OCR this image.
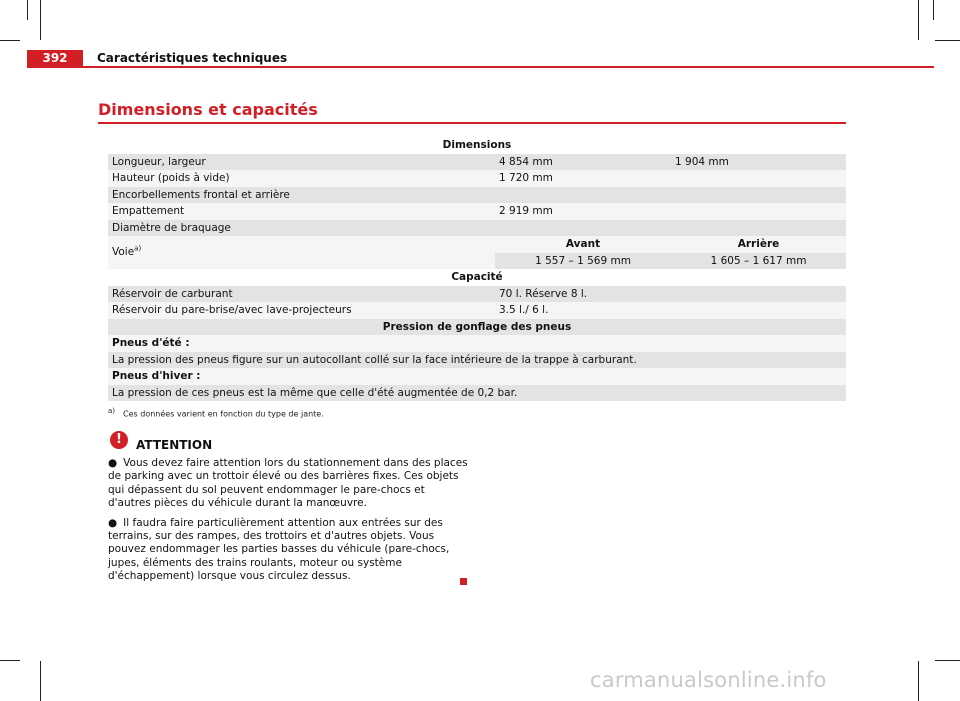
392	Caractéristiques techniques
Dimensions et capacités
Dimensions
Longueur, largeur	4 854 mm	1 904 mm
Hauteur (poids à vide)	1 720 mm
Encorbellements frontal et arrière
Empattement	2 919 mm
Diamètre de braquage
Voie$^{a)}$	Avant	Arrière
1 557 – 1 569 mm	1 605 – 1 617 mm
Capacité
Réservoir de carburant	70 l. Réserve 8 l.
Réservoir du pare-brise/avec lave-projecteurs	3.5 l./ 6 l.
Pression de gonflage des pneus
Pneus d'été :
La pression des pneus figure sur un autocollant collé sur la face intérieure de la trappe à carburant.
Pneus d'hiver :
La pression de ces pneus est la même que celle d'été augmentée de 0,2 bar.
a) Ces données varient en fonction du type de jante.
!	ATTENTION

● Vous devez faire attention lors du stationnement dans des places de parking avec un trottoir élevé ou des barrières fixes. Ces objets qui dépassent du sol peuvent endommager le pare-chocs et d'autres pièces du véhicule durant la manœuvre.

● Il faudra faire particulièrement attention aux entrées sur des terrains, sur des rampes, des trottoirs et d'autres objets. Vous pouvez endommager les parties basses du véhicule (pare-chocs, jupes, éléments des trains roulants, moteur ou système d'échappement) lorsque vous circulez dessus.

carmanualsonline.info
